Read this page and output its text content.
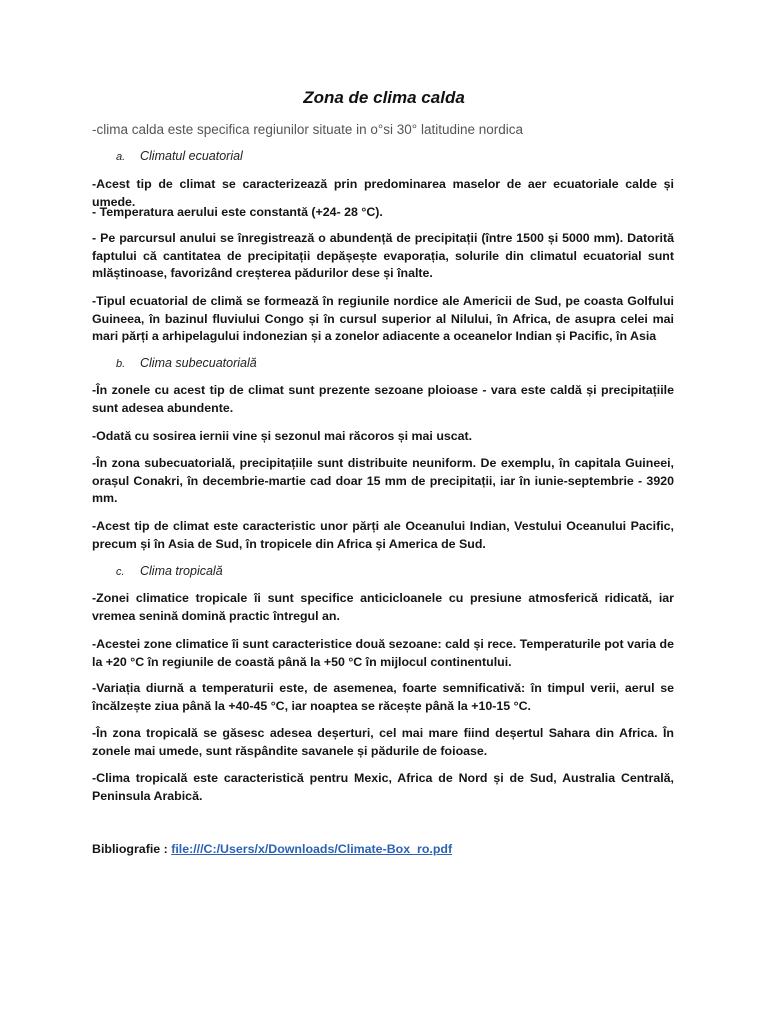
Zona de clima calda
-clima calda este specifica regiunilor situate in o°si 30° latitudine nordica
a. Climatul ecuatorial
-Acest tip de climat se caracterizează prin predominarea maselor de aer ecuatoriale calde și umede.
- Temperatura aerului este constantă (+24- 28 °C).
- Pe parcursul anului se înregistrează o abundență de precipitații (între 1500 și 5000 mm). Datorită faptului că cantitatea de precipitații depășește evaporația, solurile din climatul ecuatorial sunt mlăștinoase, favorizând creșterea pădurilor dese și înalte.
-Tipul ecuatorial de climă se formează în regiunile nordice ale Americii de Sud, pe coasta Golfului Guineea, în bazinul fluviului Congo și în cursul superior al Nilului, în Africa, de asupra celei mai mari părți a arhipelagului indonezian și a zonelor adiacente a oceanelor Indian și Pacific, în Asia
b. Clima subecuatorială
-În zonele cu acest tip de climat sunt prezente sezoane ploioase - vara este caldă și precipitațiile sunt adesea abundente.
-Odată cu sosirea iernii vine și sezonul mai răcoros și mai uscat.
-În zona subecuatorială, precipitațiile sunt distribuite neuniform. De exemplu, în capitala Guineei, orașul Conakri, în decembrie-martie cad doar 15 mm de precipitații, iar în iunie-septembrie - 3920 mm.
-Acest tip de climat este caracteristic unor părți ale Oceanului Indian, Vestului Oceanului Pacific, precum și în Asia de Sud, în tropicele din Africa și America de Sud.
c. Clima tropicală
-Zonei climatice tropicale îi sunt specifice anticicloanele cu presiune atmosferică ridicată, iar vremea senină domină practic întregul an.
-Acestei zone climatice îi sunt caracteristice două sezoane: cald și rece. Temperaturile pot varia de la +20 °C în regiunile de coastă până la +50 °C în mijlocul continentului.
-Variația diurnă a temperaturii este, de asemenea, foarte semnificativă: în timpul verii, aerul se încălzește ziua până la +40-45 °C, iar noaptea se răcește până la +10-15 °C.
-În zona tropicală se găsesc adesea deșerturi, cel mai mare fiind deșertul Sahara din Africa. În zonele mai umede, sunt răspândite savanele și pădurile de foioase.
-Clima tropicală este caracteristică pentru Mexic, Africa de Nord și de Sud, Australia Centrală, Peninsula Arabică.
Bibliografie : file:///C:/Users/x/Downloads/Climate-Box_ro.pdf
